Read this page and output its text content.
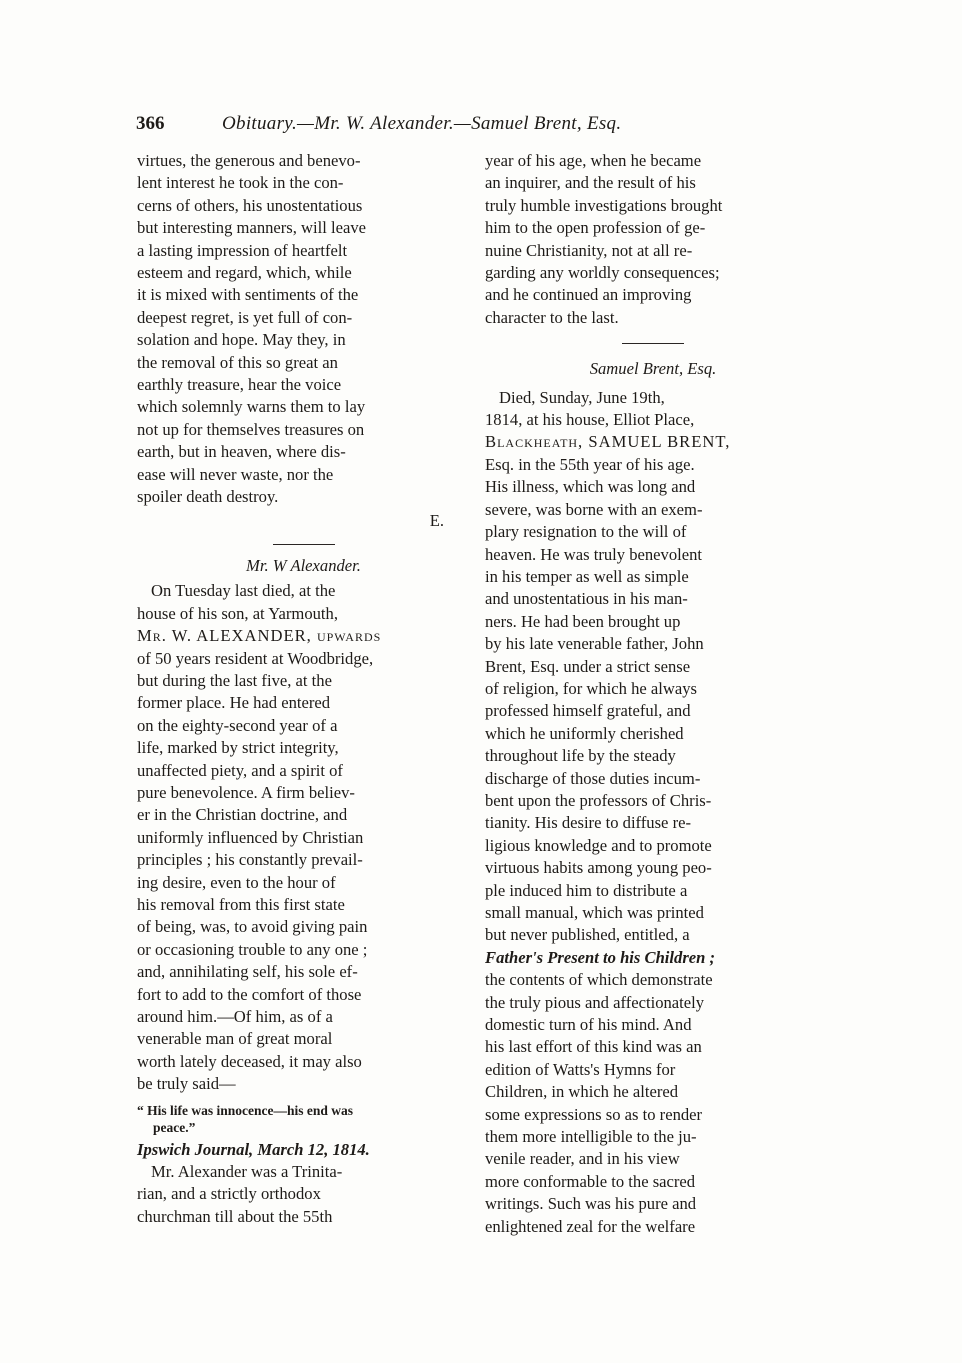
366	Obituary.—Mr. W. Alexander.—Samuel Brent, Esq.

virtues, the generous and benevo-

lent interest he took in the con-

cerns of others, his unostentatious

but interesting manners, will leave

a lasting impression of heartfelt

esteem and regard, which, while

it is mixed with sentiments of the

deepest regret, is yet full of con-

solation and hope. May they, in

the removal of this so great an

earthly treasure, hear the voice

which solemnly warns them to lay

not up for themselves treasures on

earth, but in heaven, where dis-

ease will never waste, nor the

spoiler death destroy.

E.

Mr. W Alexander.

On Tuesday last died, at the

house of his son, at Yarmouth,

Mr. W. ALEXANDER, upwards

of 50 years resident at Woodbridge,

but during the last five, at the

former place. He had entered

on the eighty-second year of a

life, marked by strict integrity,

unaffected piety, and a spirit of

pure benevolence. A firm believ-

er in the Christian doctrine, and

uniformly influenced by Christian

principles ; his constantly prevail-

ing desire, even to the hour of

his removal from this first state

of being, was, to avoid giving pain

or occasioning trouble to any one ;

and, annihilating self, his sole ef-

fort to add to the comfort of those

around him.—Of him, as of a

venerable man of great moral

worth lately deceased, it may also

be truly said—

“ His life was innocence—his end was

peace.”

Ipswich Journal, March 12, 1814.

Mr. Alexander was a Trinita-

rian, and a strictly orthodox

churchman till about the 55th

year of his age, when he became

an inquirer, and the result of his

truly humble investigations brought

him to the open profession of ge-

nuine Christianity, not at all re-

garding any worldly consequences;

and he continued an improving

character to the last.

Samuel Brent, Esq.

Died, Sunday, June 19th,

1814, at his house, Elliot Place,

Blackheath, SAMUEL BRENT,

Esq. in the 55th year of his age.

His illness, which was long and

severe, was borne with an exem-

plary resignation to the will of

heaven. He was truly benevolent

in his temper as well as simple

and unostentatious in his man-

ners. He had been brought up

by his late venerable father, John

Brent, Esq. under a strict sense

of religion, for which he always

professed himself grateful, and

which he uniformly cherished

throughout life by the steady

discharge of those duties incum-

bent upon the professors of Chris-

tianity. His desire to diffuse re-

ligious knowledge and to promote

virtuous habits among young peo-

ple induced him to distribute a

small manual, which was printed

but never published, entitled, a

Father's Present to his Children ;

the contents of which demonstrate

the truly pious and affectionately

domestic turn of his mind. And

his last effort of this kind was an

edition of Watts's Hymns for

Children, in which he altered

some expressions so as to render

them more intelligible to the ju-

venile reader, and in his view

more conformable to the sacred

writings. Such was his pure and

enlightened zeal for the welfare
